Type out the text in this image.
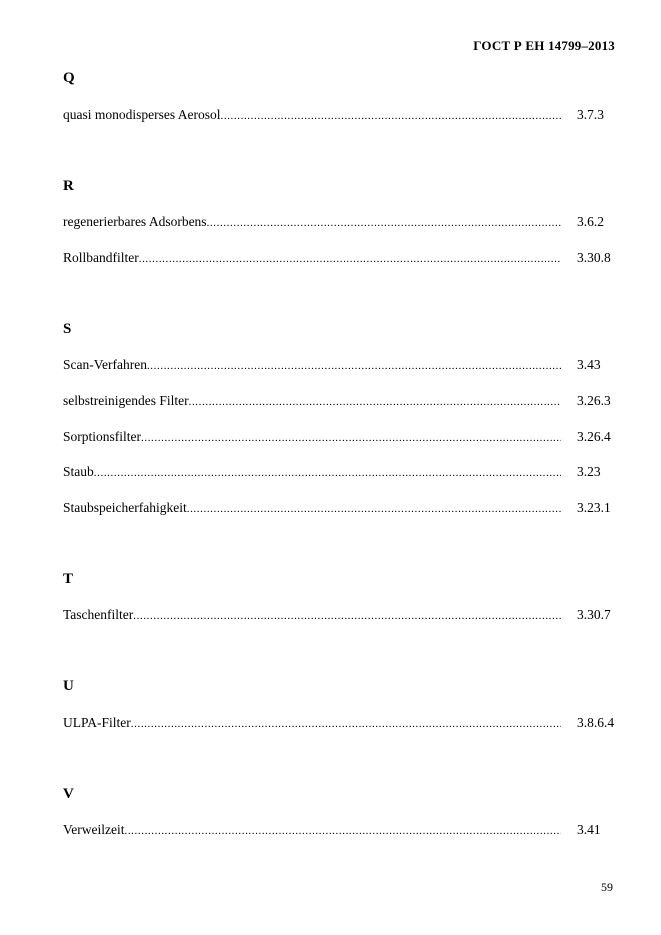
ГОСТ Р ЕН 14799–2013
Q
quasi monodisperses Aerosol .....	3.7.3
R
regenerierbares Adsorbens .....	3.6.2
Rollbandfilter .....	3.30.8
S
Scan-Verfahren .....	3.43
selbstreinigendes Filter .....	3.26.3
Sorptionsfilter .....	3.26.4
Staub .....	3.23
Staubspeicherfahigkeit .....	3.23.1
T
Taschenfilter .....	3.30.7
U
ULPA-Filter .....	3.8.6.4
V
Verweilzeit .....	3.41
59
